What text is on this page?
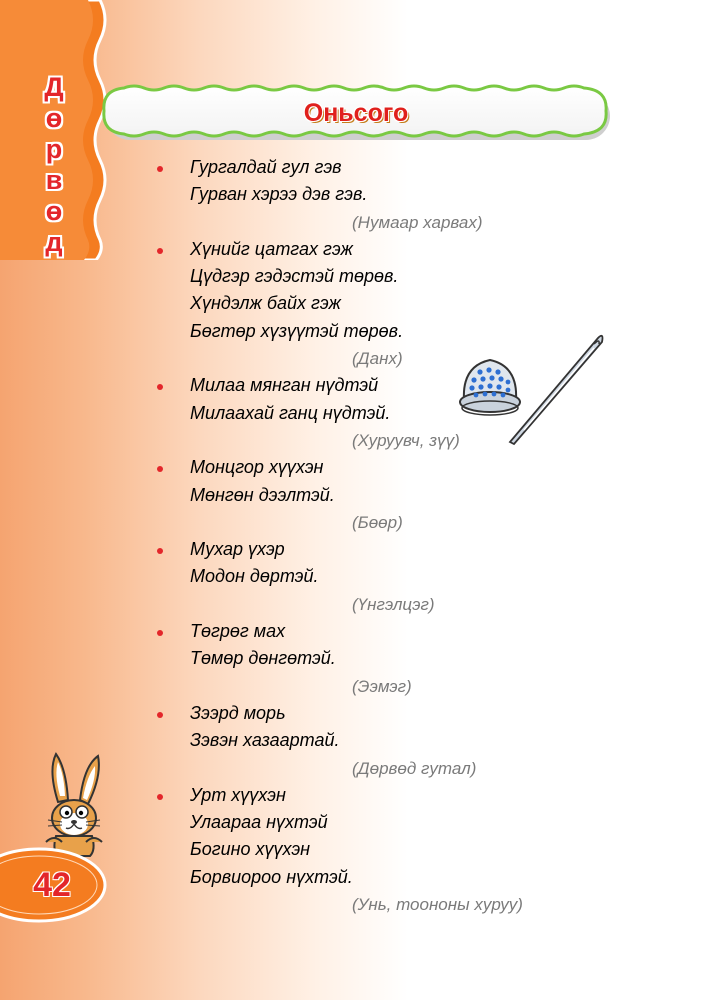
Д
ө
р
в
ө
д
Оньсого
Гургалдай гул гэв
Гурван хэрээ дэв гэв.
(Нумаар харвах)
Хүнийг цатгах гэж
Цүдгэр гэдэстэй төрөв.
Хүндэлж байх гэж
Бөгтөр хүзүүтэй төрөв.
(Данх)
Милаа мянган нүдтэй
Милаахай ганц нүдтэй.
(Хуруувч, зүү)
Монцгор хүүхэн
Мөнгөн дээлтэй.
(Бөөр)
Мухар үхэр
Модон дөртэй.
(Үнгэлцэг)
Төгрөг мах
Төмөр дөнгөтэй.
(Ээмэг)
Зээрд морь
Зэвэн хазаартай.
(Дөрвөд гутал)
Урт хүүхэн
Улаараа нүхтэй
Богино хүүхэн
Борвиороо нүхтэй.
(Унь, тоононы хуруу)
42
